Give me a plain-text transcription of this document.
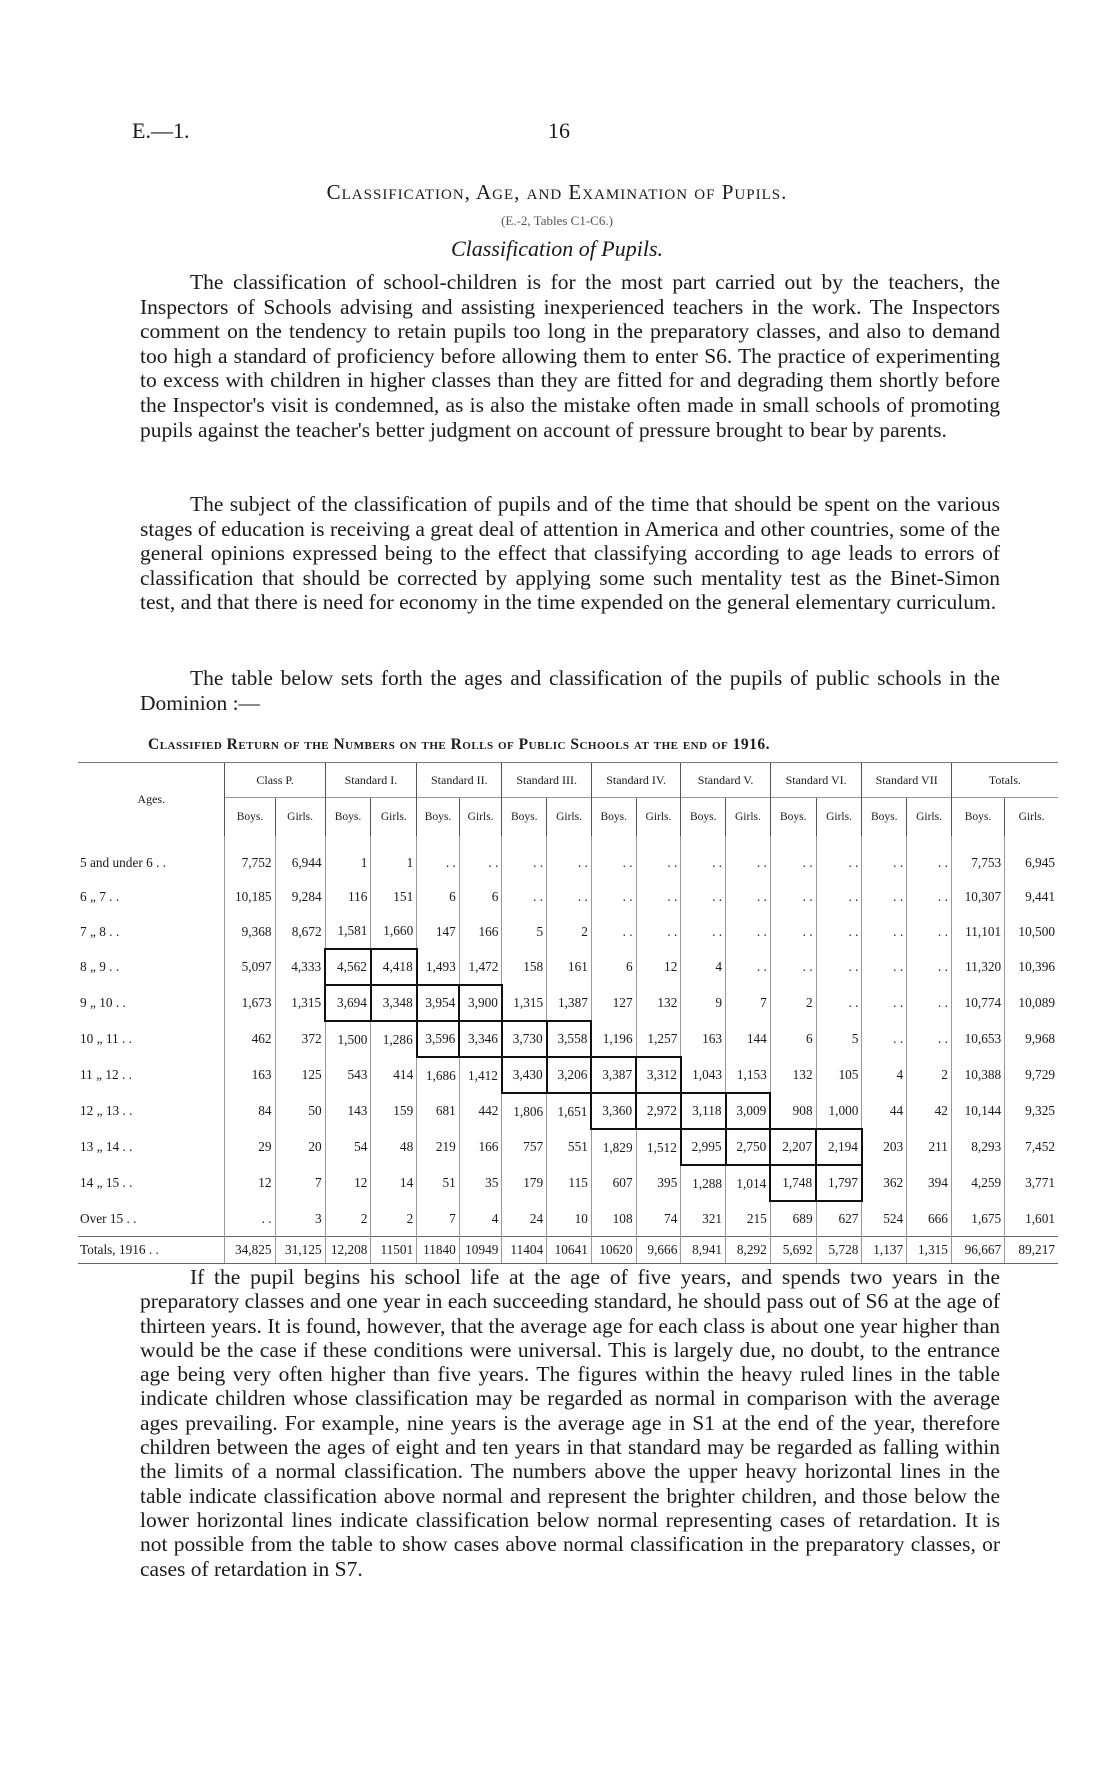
E.—1.	16
Classification, Age, and Examination of Pupils.
(E.-2, Tables C1-C6.)
Classification of Pupils.
The classification of school-children is for the most part carried out by the teachers, the Inspectors of Schools advising and assisting inexperienced teachers in the work. The Inspectors comment on the tendency to retain pupils too long in the preparatory classes, and also to demand too high a standard of proficiency before allowing them to enter S6. The practice of experimenting to excess with children in higher classes than they are fitted for and degrading them shortly before the Inspector's visit is condemned, as is also the mistake often made in small schools of promoting pupils against the teacher's better judgment on account of pressure brought to bear by parents.
The subject of the classification of pupils and of the time that should be spent on the various stages of education is receiving a great deal of attention in America and other countries, some of the general opinions expressed being to the effect that classifying according to age leads to errors of classification that should be corrected by applying some such mentality test as the Binet-Simon test, and that there is need for economy in the time expended on the general elementary curriculum.
The table below sets forth the ages and classification of the pupils of public schools in the Dominion :—
Classified Return of the Numbers on the Rolls of Public Schools at the end of 1916.
Ages.	Class P.		Standard I.		Standard II.		Standard III.		Standard IV.		Standard V.		Standard VI.		Standard VII		Totals.	
	Boys.	Girls.	Boys.	Girls.	Boys.	Girls.	Boys.	Girls.	Boys.	Girls.	Boys.	Girls.	Boys.	Girls.	Boys.	Girls.	Boys.	Girls.
5 and under 6 . .	7,752	6,944	1	1	. .	. .	. .	. .	. .	. .	. .	. .	. .	. .	. .	. .	7,753	6,945
6 „ 7 . .	10,185	9,284	116	151	6	6	. .	. .	. .	. .	. .	. .	. .	. .	. .	. .	10,307	9,441
7 „ 8 . .	9,368	8,672	1,581	1,660	147	166	5	2	. .	. .	. .	. .	. .	. .	. .	. .	11,101	10,500
8 „ 9 . .	5,097	4,333	4,562	4,418	1,493	1,472	158	161	6	12	4	. .	. .	. .	. .	. .	11,320	10,396
9 „ 10 . .	1,673	1,315	3,694	3,348	3,954	3,900	1,315	1,387	127	132	9	7	2	. .	. .	. .	10,774	10,089
10 „ 11 . .	462	372	1,500	1,286	3,596	3,346	3,730	3,558	1,196	1,257	163	144	6	5	. .	. .	10,653	9,968
11 „ 12 . .	163	125	543	414	1,686	1,412	3,430	3,206	3,387	3,312	1,043	1,153	132	105	4	2	10,388	9,729
12 „ 13 . .	84	50	143	159	681	442	1,806	1,651	3,360	2,972	3,118	3,009	908	1,000	44	42	10,144	9,325
13 „ 14 . .	29	20	54	48	219	166	757	551	1,829	1,512	2,995	2,750	2,207	2,194	203	211	8,293	7,452
14 „ 15 . .	12	7	12	14	51	35	179	115	607	395	1,288	1,014	1,748	1,797	362	394	4,259	3,771
Over 15 . .	. .	3	2	2	7	4	24	10	108	74	321	215	689	627	524	666	1,675	1,601
Totals, 1916 . .	34,825	31,125	12,208	11501	11840	10949	11404	10641	10620	9,666	8,941	8,292	5,692	5,728	1,137	1,315	96,667	89,217
If the pupil begins his school life at the age of five years, and spends two years in the preparatory classes and one year in each succeeding standard, he should pass out of S6 at the age of thirteen years. It is found, however, that the average age for each class is about one year higher than would be the case if these conditions were universal. This is largely due, no doubt, to the entrance age being very often higher than five years. The figures within the heavy ruled lines in the table indicate children whose classification may be regarded as normal in comparison with the average ages prevailing. For example, nine years is the average age in S1 at the end of the year, therefore children between the ages of eight and ten years in that standard may be regarded as falling within the limits of a normal classification. The numbers above the upper heavy horizontal lines in the table indicate classification above normal and represent the brighter children, and those below the lower horizontal lines indicate classification below normal representing cases of retardation. It is not possible from the table to show cases above normal classification in the preparatory classes, or cases of retardation in S7.
